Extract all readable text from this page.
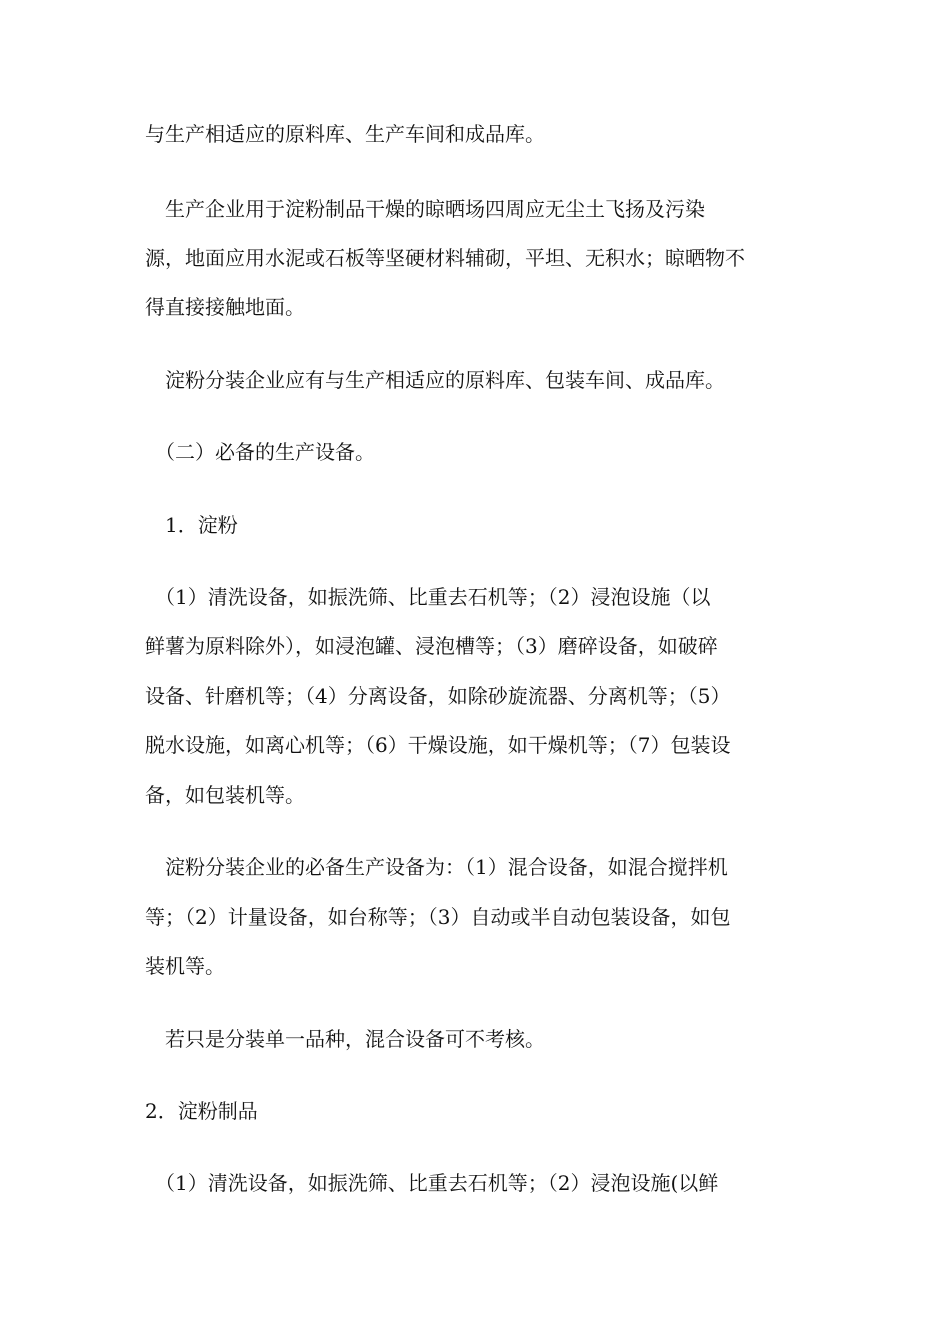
与生产相适应的原料库、生产车间和成品库。
　生产企业用于淀粉制品干燥的晾晒场四周应无尘土飞扬及污染
源，地面应用水泥或石板等坚硬材料辅砌，平坦、无积水；晾晒物不
得直接接触地面。
　淀粉分装企业应有与生产相适应的原料库、包装车间、成品库。
　（二）必备的生产设备。
　1．淀粉
　（1）清洗设备，如振洗筛、比重去石机等；（2）浸泡设施（以
鲜薯为原料除外），如浸泡罐、浸泡槽等；（3）磨碎设备，如破碎
设备、针磨机等；（4）分离设备，如除砂旋流器、分离机等；（5）
脱水设施，如离心机等；（6）干燥设施，如干燥机等；（7）包装设
备，如包装机等。
　淀粉分装企业的必备生产设备为：（1）混合设备，如混合搅拌机
等；（2）计量设备，如台称等；（3）自动或半自动包装设备，如包
装机等。
　若只是分装单一品种，混合设备可不考核。
2．淀粉制品
　（1）清洗设备，如振洗筛、比重去石机等；（2）浸泡设施(以鲜
